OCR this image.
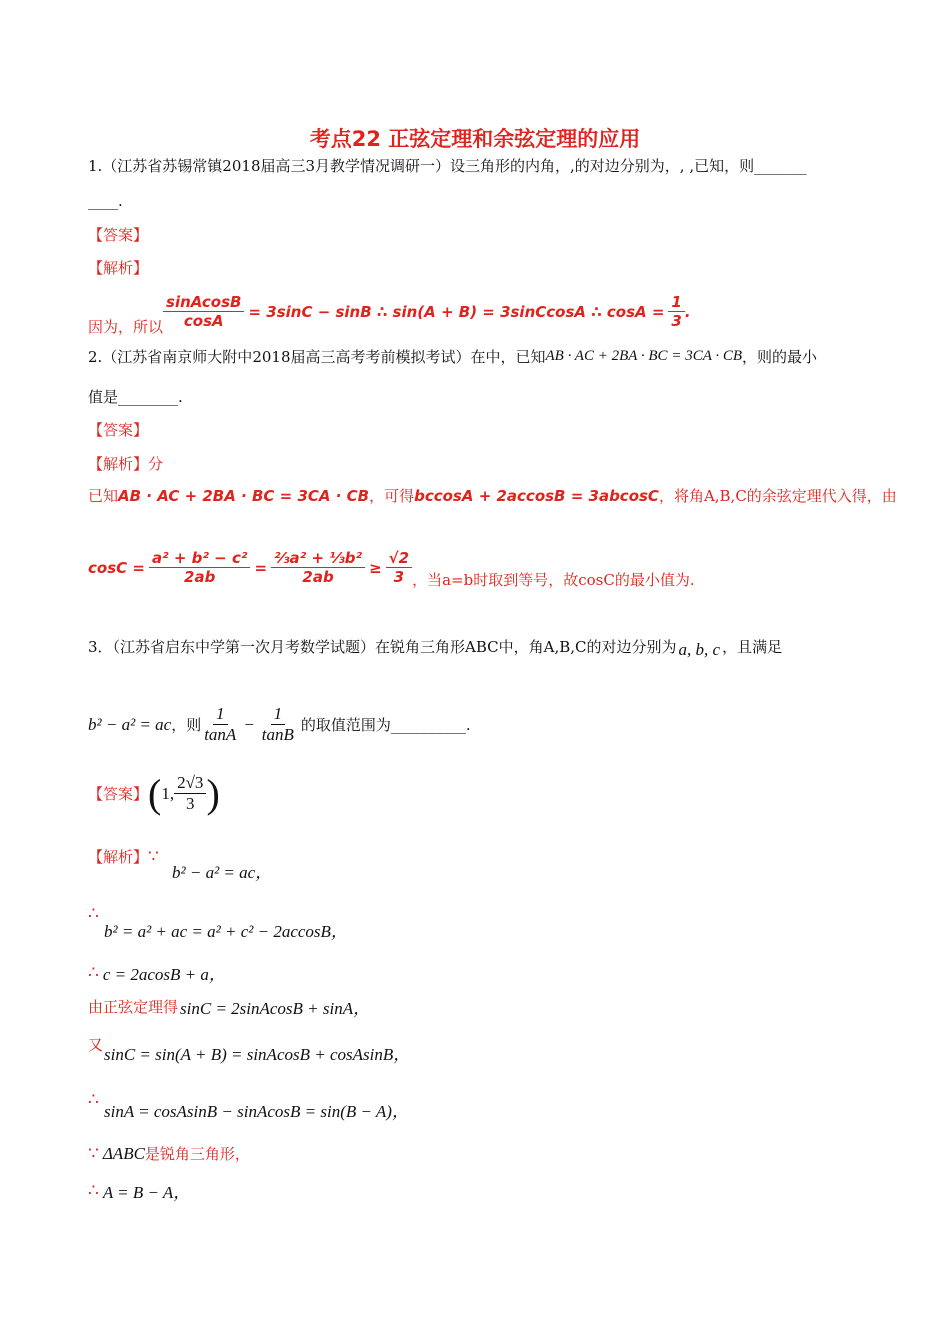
考点22 正弦定理和余弦定理的应用
1.（江苏省苏锡常镇2018届高三3月教学情况调研一）设三角形的内角，,的对边分别为，, ,已知，则_______
____.
【答案】
【解析】
因为，所以 $\frac{\text{sinAcosB}}{\cos A} = 3\sin C - \sin B$ ∴ sin(A + B) = 3sinCcosA ∴ $\cos A = \frac{1}{3}$ .
2.（江苏省南京师大附中2018届高三高考考前模拟考试）在中，已知 AB · AC + 2BA · BC = 3CA · CB ，则的最小
值是________.
【答案】
【解析】分
已知 AB · AC + 2BA · BC = 3CA · CB ，可得 bccosA + 2accosB = 3abcosC ，将角A,B,C的余弦定理代入得，由
$\cos C = \frac{\text{a² + b² − c²}}{2ab} = \frac{\text{⅔a² + ⅓b²}}{2ab} \ge \frac{√2}{3}$ ，当a=b时取到等号，故cosC的最小值为.
3．（江苏省启东中学第一次月考数学试题）在锐角三角形ABC中，角A,B,C的对边分别为 a, b, c ，且满足
b² − a² = ac ，则 $\frac{1}{\tan A} - \frac{1}{\tan B}$ 的取值范围为__________.
【答案】 ( 1, $\frac{2√3}{3}$ )
【解析】∵
b² − a² = ac，
∴
b² = a² + ac = a² + c² − 2accosB，
∴ c = 2acosB + a，
由正弦定理得 sinC = 2sinAcosB + sinA，
又 sinC = sin(A + B) = sinAcosB + cosAsinB，
∴
sinA = cosAsinB − sinAcosB = sin(B − A)，
∵ ΔABC 是锐角三角形，
∴ A = B − A，
